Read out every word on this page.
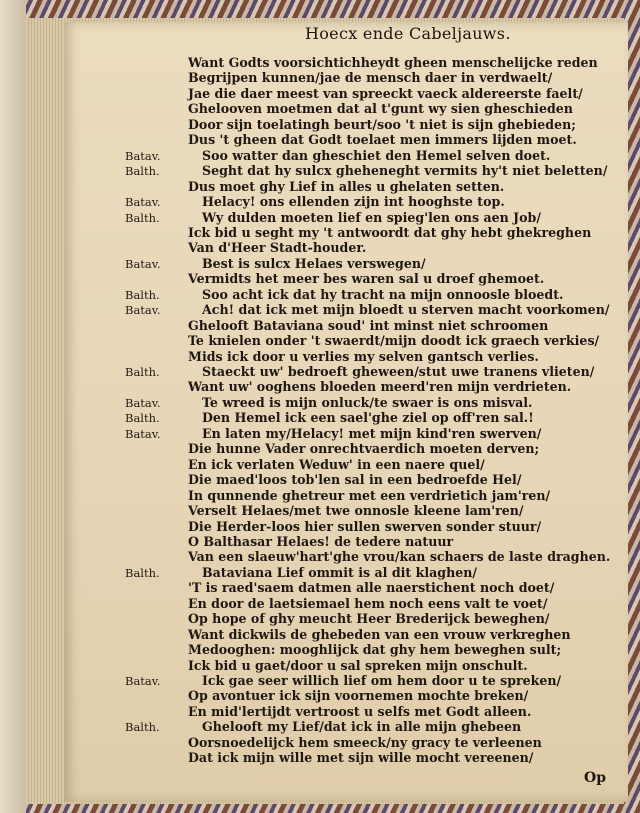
Hoecx ende Cabeljauws.
Want Godts voorsichtichheydt gheen menschelijcke reden
Begrijpen kunnen/jae de mensch daer in verdwaelt/
Jae die daer meest van spreeckt vaeck aldereerste faelt/
Ghelooven moetmen dat al t'gunt wy sien gheschieden
Door sijn toelatingh beurt/soo 't niet is sijn ghebieden;
Dus 't gheen dat Godt toelaet men immers lijden moet.
Soo watter dan gheschiet den Hemel selven doet.
Batav.
Seght dat hy sulcx gheheneght vermits hy't niet beletten/
Balth.
Dus moet ghy Lief in alles u ghelaten setten.
Helacy! ons ellenden zijn int hooghste top.
Batav.
Wy dulden moeten lief en spieg'len ons aen Job/
Balth.
Ick bid u seght my 't antwoordt dat ghy hebt ghekreghen
Van d'Heer Stadt-houder.
Best is sulcx Helaes verswegen/
Batav.
Vermidts het meer bes waren sal u droef ghemoet.
Soo acht ick dat hy tracht na mijn onnoosle bloedt.
Balth.
Ach! dat ick met mijn bloedt u sterven macht voorkomen/
Batav.
Ghelooft Bataviana soud' int minst niet schroomen
Te knielen onder 't swaerdt/mijn doodt ick graech verkies/
Mids ick door u verlies my selven gantsch verlies.
Staeckt uw' bedroeft gheween/stut uwe tranens vlieten/
Balth.
Want uw' ooghens bloeden meerd'ren mijn verdrieten.
Te wreed is mijn onluck/te swaer is ons misval.
Batav.
Den Hemel ick een sael'ghe ziel op off'ren sal.!
Balth.
En laten my/Helacy! met mijn kind'ren swerven/
Batav.
Die hunne Vader onrechtvaerdich moeten derven;
En ick verlaten Weduw' in een naere quel/
Die maed'loos tob'len sal in een bedroefde Hel/
In qunnende ghetreur met een verdrietich jam'ren/
Verselt Helaes/met twe onnosle kleene lam'ren/
Die Herder-loos hier sullen swerven sonder stuur/
O Balthasar Helaes! de tedere natuur
Van een slaeuw'hart'ghe vrou/kan schaers de laste draghen.
Bataviana Lief ommit is al dit klaghen/
Balth.
'T is raed'saem datmen alle naerstichent noch doet/
En door de laetsiemael hem noch eens valt te voet/
Op hope of ghy meucht Heer Brederijck beweghen/
Want dickwils de ghebeden van een vrouw verkreghen
Medooghen: mooghlijck dat ghy hem beweghen sult;
Ick bid u gaet/door u sal spreken mijn onschult.
Ick gae seer willich lief om hem door u te spreken/
Batav.
Op avontuer ick sijn voornemen mochte breken/
En mid'lertijdt vertroost u selfs met Godt alleen.
Ghelooft my Lief/dat ick in alle mijn ghebeen
Balth.
Oorsnoedelijck hem smeeck/ny gracy te verleenen
Dat ick mijn wille met sijn wille mocht vereenen/
Op
